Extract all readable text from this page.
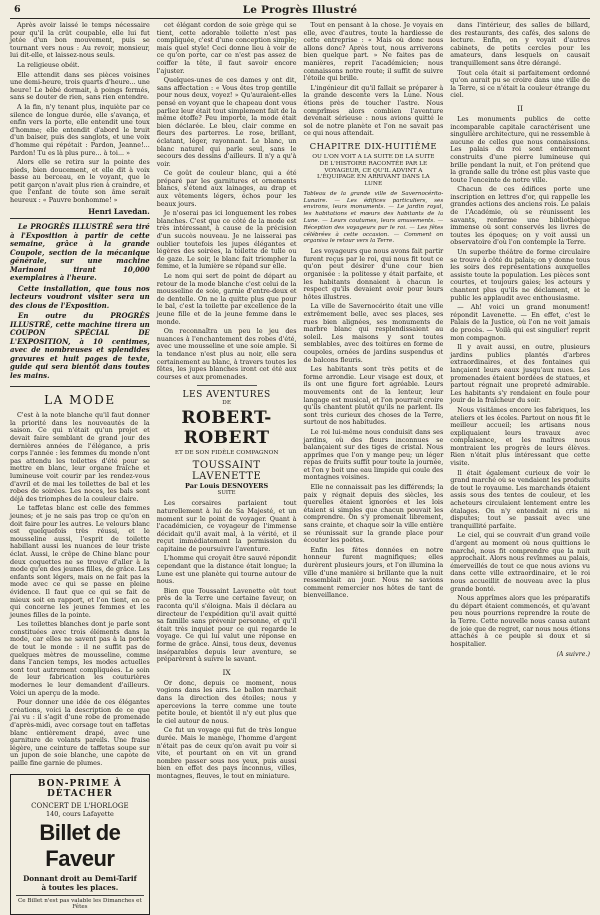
6	Le Progrès Illustré

Après avoir laissé le temps nécessaire pour qu'il la crût coupable, elle lui fut jetée d'un bon mouvement, puis se tournant vers nous : Au revoir, monsieur, lui dit-elle, et laissez-nous seuls.

La religieuse obéit.

Elle attendit dans ses pièces voisines une demi-heure, trois quarts d'heure... une heure! Le bébé dormait, à poings fermés, sans se douter de rien, sans rien entendre.

A la fin, n'y tenant plus, inquiète par ce silence de longue durée, elle s'avança, et enfin vers la porte, elle entendit une toux d'homme; elle entendit d'abord le bruit d'un baiser, puis des sanglots, et une voix d'homme qui répétait : Pardon, Jeanne!... Pardon! Tu es là plus pure... à toi... »

Alors elle se retira sur la pointe des pieds, bien doucement, et elle dit à voix basse au berceau, en le voyant, que le petit garçon n'avait plus rien à craindre, et que l'enfant de toute son âme serait heureux : « Pauvre bonhomme! »

Henri Lavedan.

Le PROGRÈS ILLUSTRÉ sera tiré à l'Exposition à partir de cette semaine, grâce à la grande Coupole, section de la mécanique générale, sur une machine Marinoni tirant 10,000 exemplaires à l'heure.

Cette installation, que tous nos lecteurs voudront visiter sera un des clous de l'Exposition.

En outre du PROGRÈS ILLUSTRÉ, cette machine tirera un COUPON SPÉCIAL DE L'EXPOSITION, à 10 centimes, avec de nombreuses et splendides gravures et huit pages de texte, guide qui sera bientôt dans toutes les mains.

LA MODE

C'est à la note blanche qu'il faut donner la priorité dans les nouveautés de la saison. Ce qui n'était qu'un projet et devait faire semblant de grand jour des dernières années de l'élégance, a pris corps l'année : les femmes du monde n'ont pas attendu les toilettes d'été pour se mettre en blanc, leur organe fraîche et lumineuse voit courir par les rendez-vous d'avril et de mai les toilettes de bal et les robes de soirées. Les noces, les bals sont déjà des triomphes de la couleur claire.

Le taffetas blanc est celle des femmes jeunes; et je ne sais pas trop ce qu'on en doit faire pour les autres. Le velours blanc est quelquefois très réussi, et le mousseline aussi, l'esprit de toilette habillant aussi les nuances de leur triste éclat. Aussi, le crêpe de Chine blanc pour deux coquettes ne se trouve d'aller à la mode qu'en des jeunes filles, de grâce. Les enfants sont légers, mais on ne fait pas la mode avec ce qui se passe en pleine évidence. Il faut que ce qui se fait de mieux soit en rapport, et l'on tient, en ce qui concerne les jeunes femmes et les jeunes filles de la pointe.

Les toilettes blanches dont je parle sont constituées avec trois éléments dans la mode, car elles ne savent pas à la portée de tout le monde : il ne suffit pas de quelques mètres de mousseline, comme dans l'ancien temps, les modes actuelles sont tout autrement compliquées. Le soin de leur fabrication les couturières modernes le leur demandent d'ailleurs. Voici un aperçu de la mode.

Pour donner une idée de ces élégantes créations, voici la description de ce que j'ai vu : il s'agit d'une robe de promenade d'après-midi, avec corsage tout en taffetas blanc entièrement drapé, avec une garniture de volants pareils. Une fraise légère, une ceinture de taffetas soupe sur un jupon de soie blanche, une capote de paille fine garnie de plumes.

BON-PRIME À DÉTACHER
CONCERT DE L'HORLOGE
140, cours Lafayette
Billet de Faveur
Donnant droit au Demi-Tarif
à toutes les places.
Ce Billet n'est pas valable les Dimanches et Fêtes

cet élégant cordon de soie grège qui se tient, cette adorable toilette n'est pas compliquée, c'est d'une conception simple; mais quel style! Ceci donne lieu à voir de ce qu'on porte, car ce n'est pas assez de coiffer la tête, il faut savoir encore l'ajuster.

Quelques-unes de ces dames y ont dit, sans affectation : « Vous êtes trop gentille pour nous deux, voyez! » Qu'auraient-elles pensé en voyant que le chapeau dont vous parliez leur était tout simplement fait de la même étoffe? Peu importe, la mode était bien déclarée. Le bleu, clair comme en fleurs des parterres. Le rose, brillant, éclatant, léger, rayonnant. Le blanc, un blanc naturel qui parle seul, sans le secours des dessins d'ailleurs. Il n'y a qu'à voir.

Ce goût de couleur blanc, qui a été préparé par les garnitures et ornements blancs, s'étend aux lainages, au drap et aux vêtements légers, échos pour les beaux jours.

Je n'oserai pas ici longuement les robes blanches. C'est que ce côté de la mode est très intéressant, à cause de la précision d'un succès nouveau. Je ne laisserai pas oublier toutefois les jupes élégantes et légères des soirées, la toilette de tulle ou de gaze. Le soir, le blanc fait triompher la femme, et la lumière se répand sur elle.

Le nom qui sert de point de départ au retour de la mode blanche c'est celui de la mousseline de soie, garnie d'entre-deux et de dentelle. On ne la quitte plus que pour le bal, c'est la toilette par excellence de la jeune fille et de la jeune femme dans le monde.

On reconnaîtra un peu le jeu des nuances à l'enchantement des robes d'été, avec une mousseline et une soie ample. Si la tendance n'est plus au noir, elle sera certainement au blanc, à travers toutes les fêtes, les jupes blanches iront cet été aux courses et aux promenades.

LES AVENTURES
DE
ROBERT-ROBERT
ET DE SON FIDÈLE COMPAGNON
TOUSSAINT LAVENETTE
Par Louis DESNOYERS
SUITE

Les corsaires parlaient tout naturellement à lui de Sa Majesté, et un moment sur le point de voyager. Quant à l'académicien, ce voyageur de l'immense décidait qu'il avait mal, à la vérité, et il reçut immédiatement la permission du capitaine de poursuivre l'aventure.

L'homme qui croyait être sauvé répondit cependant que la distance était longue; la Lune est une planète qui tourne autour de nous.

Bien que Toussaint Lavenette eût tout près de la Terre une certaine faveur, on raconta qu'il s'éloigna. Mais il déclara au directeur de l'expédition qu'il avait quitté sa famille sans prévenir personne, et qu'il était très inquiet pour ce qui regarde le voyage. Ce qui lui valut une réponse en forme de grâce. Ainsi, tous deux, devenus inséparables depuis leur aventure, se préparèrent à suivre le savant.

IX

Or donc, depuis ce moment, nous vogions dans les airs. Le ballon marchait dans la direction des étoiles; nous y apercevions la terre comme une toute petite boule, et bientôt il n'y eut plus que le ciel autour de nous.

Ce fut un voyage qui fut de très longue durée. Mais le manège, l'homme d'argent n'était pas de ceux qu'on avait pu voir si vite, et pourtant on en vit un grand nombre passer sous nos yeux, puis aussi bien en effet des pays inconnus, villes, montagnes, fleuves, le tout en miniature.

Tout en pensant à la chose. Je voyais en elle, avec d'autres, toute la hardiesse de cette entreprise : « Mais où donc nous allons donc? Après tout, nous arriverons bien quelque part. » Ne faites pas de manières, reprit l'académicien; nous connaissons notre route; il suffit de suivre l'étoile qui brille.

L'ingénieur dit qu'il fallait se préparer à la grande descente vers la Lune. Nous étions près de toucher l'astre. Nous comprîmes alors combien l'aventure devenait sérieuse : nous avions quitté le sol de notre planète et l'on ne savait pas ce qui nous attendait.

CHAPITRE DIX-HUITIÈME
OU L'ON VOIT A LA SUITE DE LA SUITE DE L'HISTOIRE RACONTÉE PAR LE VOYAGEUR, CE QU'IL ADVINT A L'ÉQUIPAGE EN ARRIVANT DANS LA LUNE
Tableau de la grande ville de Savernocérito-Lunaire. — Les édifices particuliers, ses environs, leurs monuments. — Le jardin royal, les habitations et mœurs des habitants de la Lune. — Leurs coutumes, leurs amusements. — Réception des voyageurs par le roi. — Les fêtes célébrées à cette occasion. — Comment on organisa le retour vers la Terre.

Les voyageurs que nous avons fait partir furent reçus par le roi, qui nous fit tout ce qu'on peut désirer d'une cour bien organisée : la politesse y était parfaite, et les habitants donnaient à chacun le respect qu'ils devaient avoir pour leurs hôtes illustres.

La ville de Savernocérito était une ville extrêmement belle, avec ses places, ses rues bien alignées, ses monuments de marbre blanc qui resplendissaient au soleil. Les maisons y sont toutes semblables, avec des toitures en forme de coupoles, ornées de jardins suspendus et de balcons fleuris.

Les habitants sont très petits et de forme arrondie. Leur visage est doux, et ils ont une figure fort agréable. Leurs mouvements ont de la lenteur, leur langage est musical, et l'on pourrait croire qu'ils chantent plutôt qu'ils ne parlent. Ils sont très curieux des choses de la Terre, surtout de nos habitudes.

Le roi lui-même nous conduisit dans ses jardins, où des fleurs inconnues se balançaient sur des tiges de cristal. Nous apprîmes que l'on y mange peu; un léger repas de fruits suffit pour toute la journée, et l'on y boit une eau limpide qui coule des montagnes voisines.

Elle ne connaissait pas les différends; la paix y régnait depuis des siècles, les querelles étaient ignorées et les lois étaient si simples que chacun pouvait les comprendre. On s'y promenait librement, sans crainte, et chaque soir la ville entière se réunissait sur la grande place pour écouter les poètes.

Enfin les fêtes données en notre honneur furent magnifiques; elles durèrent plusieurs jours, et l'on illumina la ville d'une manière si brillante que la nuit ressemblait au jour. Nous ne savions comment remercier nos hôtes de tant de bienveillance.

dans l'intérieur, des salles de billard, des restaurants, des cafés, des salons de lecture. Enfin, on y voyait d'autres cabinets, de petits cercles pour les amateurs, dans lesquels on causait tranquillement sans être dérangé.

Tout cela était si parfaitement ordonné qu'on aurait pu se croire dans une ville de la Terre, si ce n'était la couleur étrange du ciel.

II

Les monuments publics de cette incomparable capitale caractérisent une singulière architecture, qui ne ressemble à aucune de celles que nous connaissions. Les palais du roi sont entièrement construits d'une pierre lumineuse qui brille pendant la nuit, et l'on prétend que la grande salle du trône est plus vaste que toute l'enceinte de notre ville.

Chacun de ces édifices porte une inscription en lettres d'or, qui rappelle les grandes actions des anciens rois. Le palais de l'Académie, où se réunissent les savants, renferme une bibliothèque immense où sont conservés les livres de toutes les époques; on y voit aussi un observatoire d'où l'on contemple la Terre.

Un superbe théâtre de forme circulaire se trouve à côté du palais; on y donne tous les soirs des représentations auxquelles assiste toute la population. Les pièces sont courtes, et toujours gaies; les acteurs y chantent plus qu'ils ne déclament, et le public les applaudit avec enthousiasme.

— Ah! voici un grand monument! répondit Lavenette. — En effet, c'est le Palais de la Justice, où l'on ne voit jamais de procès. — Voilà qui est singulier! reprit mon compagnon.

Il y avait aussi, en outre, plusieurs jardins publics plantés d'arbres extraordinaires, et des fontaines qui lançaient leurs eaux jusqu'aux nues. Les promenades étaient bordées de statues, et partout régnait une propreté admirable. Les habitants s'y rendaient en foule pour jouir de la fraîcheur du soir.

Nous visitâmes encore les fabriques, les ateliers et les écoles. Partout on nous fit le meilleur accueil; les artisans nous expliquaient leurs travaux avec complaisance, et les maîtres nous montraient les progrès de leurs élèves. Rien n'était plus intéressant que cette visite.

Il était également curieux de voir le grand marché où se vendaient les produits de tout le royaume. Les marchands étaient assis sous des tentes de couleur, et les acheteurs circulaient lentement entre les étalages. On n'y entendait ni cris ni disputes; tout se passait avec une tranquillité parfaite.

Le ciel, qui se couvrait d'un grand voile d'argent au moment où nous quittions le marché, nous fit comprendre que la nuit approchait. Alors nous revînmes au palais, émerveillés de tout ce que nous avions vu dans cette ville extraordinaire, et le roi nous accueillit de nouveau avec la plus grande bonté.

Nous apprîmes alors que les préparatifs du départ étaient commencés, et qu'avant peu nous pourrions reprendre la route de la Terre. Cette nouvelle nous causa autant de joie que de regret, car nous nous étions attachés à ce peuple si doux et si hospitalier.

(A suivre.)
